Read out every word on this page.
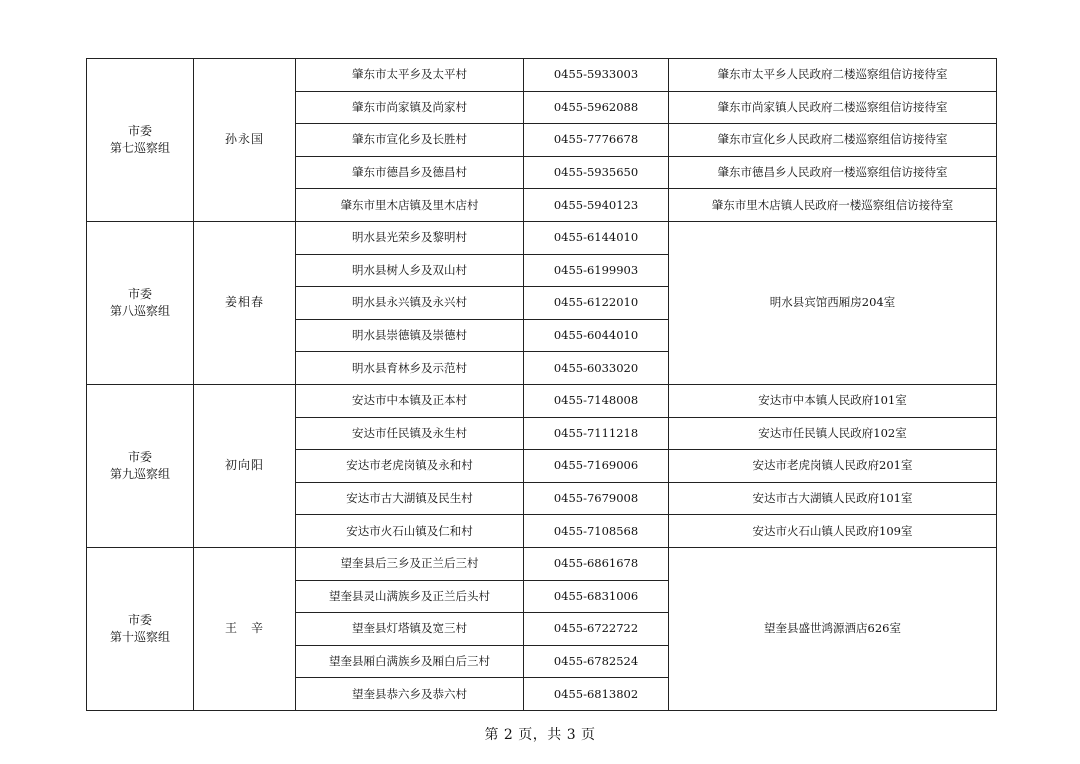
市委
第七巡察组	孙永国	肇东市太平乡及太平村	0455-5933003	肇东市太平乡人民政府二楼巡察组信访接待室
		肇东市尚家镇及尚家村	0455-5962088	肇东市尚家镇人民政府二楼巡察组信访接待室
		肇东市宣化乡及长胜村	0455-7776678	肇东市宣化乡人民政府二楼巡察组信访接待室
		肇东市德昌乡及德昌村	0455-5935650	肇东市德昌乡人民政府一楼巡察组信访接待室
		肇东市里木店镇及里木店村	0455-5940123	肇东市里木店镇人民政府一楼巡察组信访接待室

市委
第八巡察组	姜相春	明水县光荣乡及黎明村	0455-6144010	明水县宾馆西厢房204室
		明水县树人乡及双山村	0455-6199903	
		明水县永兴镇及永兴村	0455-6122010	
		明水县崇德镇及崇德村	0455-6044010	
		明水县育林乡及示范村	0455-6033020	

市委
第九巡察组	初向阳	安达市中本镇及正本村	0455-7148008	安达市中本镇人民政府101室
		安达市任民镇及永生村	0455-7111218	安达市任民镇人民政府102室
		安达市老虎岗镇及永和村	0455-7169006	安达市老虎岗镇人民政府201室
		安达市古大湖镇及民生村	0455-7679008	安达市古大湖镇人民政府101室
		安达市火石山镇及仁和村	0455-7108568	安达市火石山镇人民政府109室

市委
第十巡察组	王　辛	望奎县后三乡及正兰后三村	0455-6861678	望奎县盛世鸿源酒店626室
		望奎县灵山满族乡及正兰后头村	0455-6831006	
		望奎县灯塔镇及宽三村	0455-6722722	
		望奎县厢白满族乡及厢白后三村	0455-6782524	
		望奎县恭六乡及恭六村	0455-6813802	
第 2 页，共 3 页
